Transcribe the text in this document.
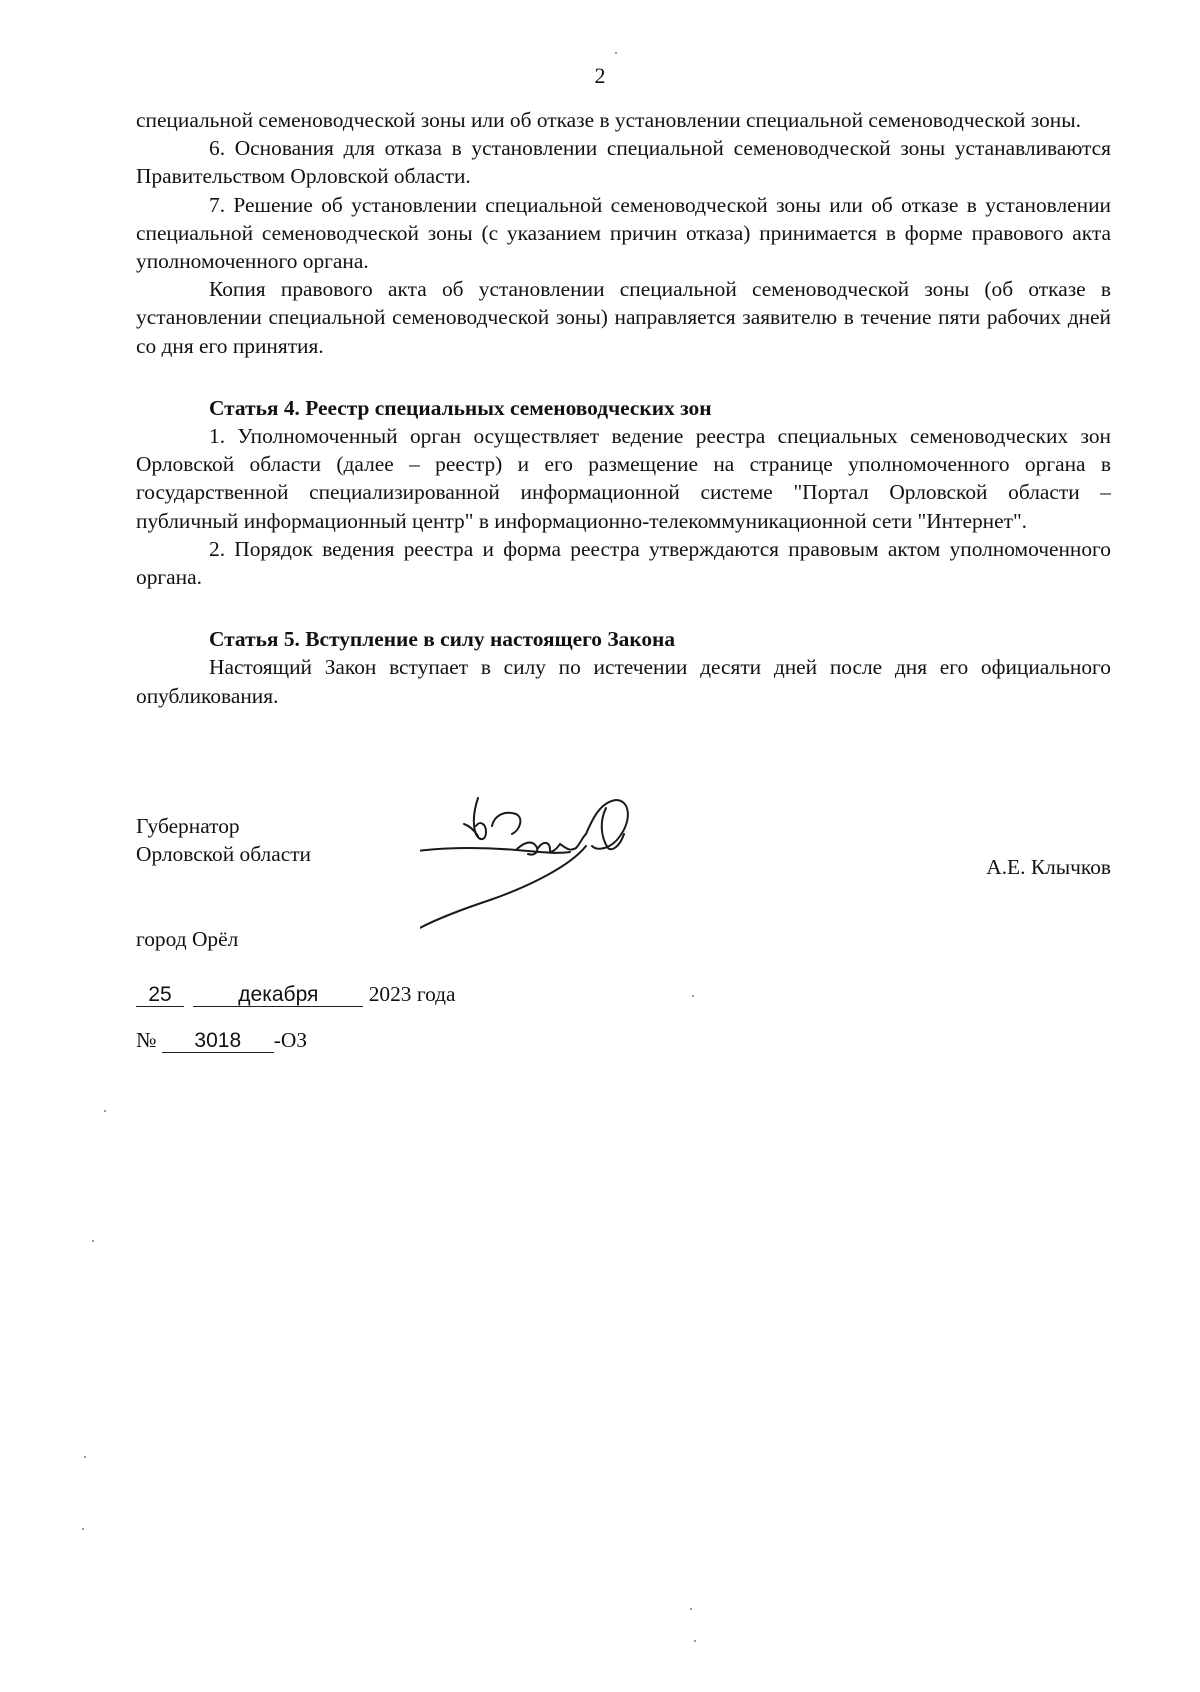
2

специальной семеноводческой зоны или об отказе в установлении специальной семеноводческой зоны.

6. Основания для отказа в установлении специальной семеноводческой зоны устанавливаются Правительством Орловской области.

7. Решение об установлении специальной семеноводческой зоны или об отказе в установлении специальной семеноводческой зоны (с указанием причин отказа) принимается в форме правового акта уполномоченного органа.

Копия правового акта об установлении специальной семеноводческой зоны (об отказе в установлении специальной семеноводческой зоны) направляется заявителю в течение пяти рабочих дней со дня его принятия.

Статья 4. Реестр специальных семеноводческих зон

1. Уполномоченный орган осуществляет ведение реестра специальных семеноводческих зон Орловской области (далее – реестр) и его размещение на странице уполномоченного органа в государственной специализированной информационной системе "Портал Орловской области – публичный информационный центр" в информационно-телекоммуникационной сети "Интернет".

2. Порядок ведения реестра и форма реестра утверждаются правовым актом уполномоченного органа.

Статья 5. Вступление в силу настоящего Закона

Настоящий Закон вступает в силу по истечении десяти дней после дня его официального опубликования.

Губернатор
Орловской области
А.Е. Клычков
город Орёл
25	декабря 2023 года
№ 3018 -ОЗ
